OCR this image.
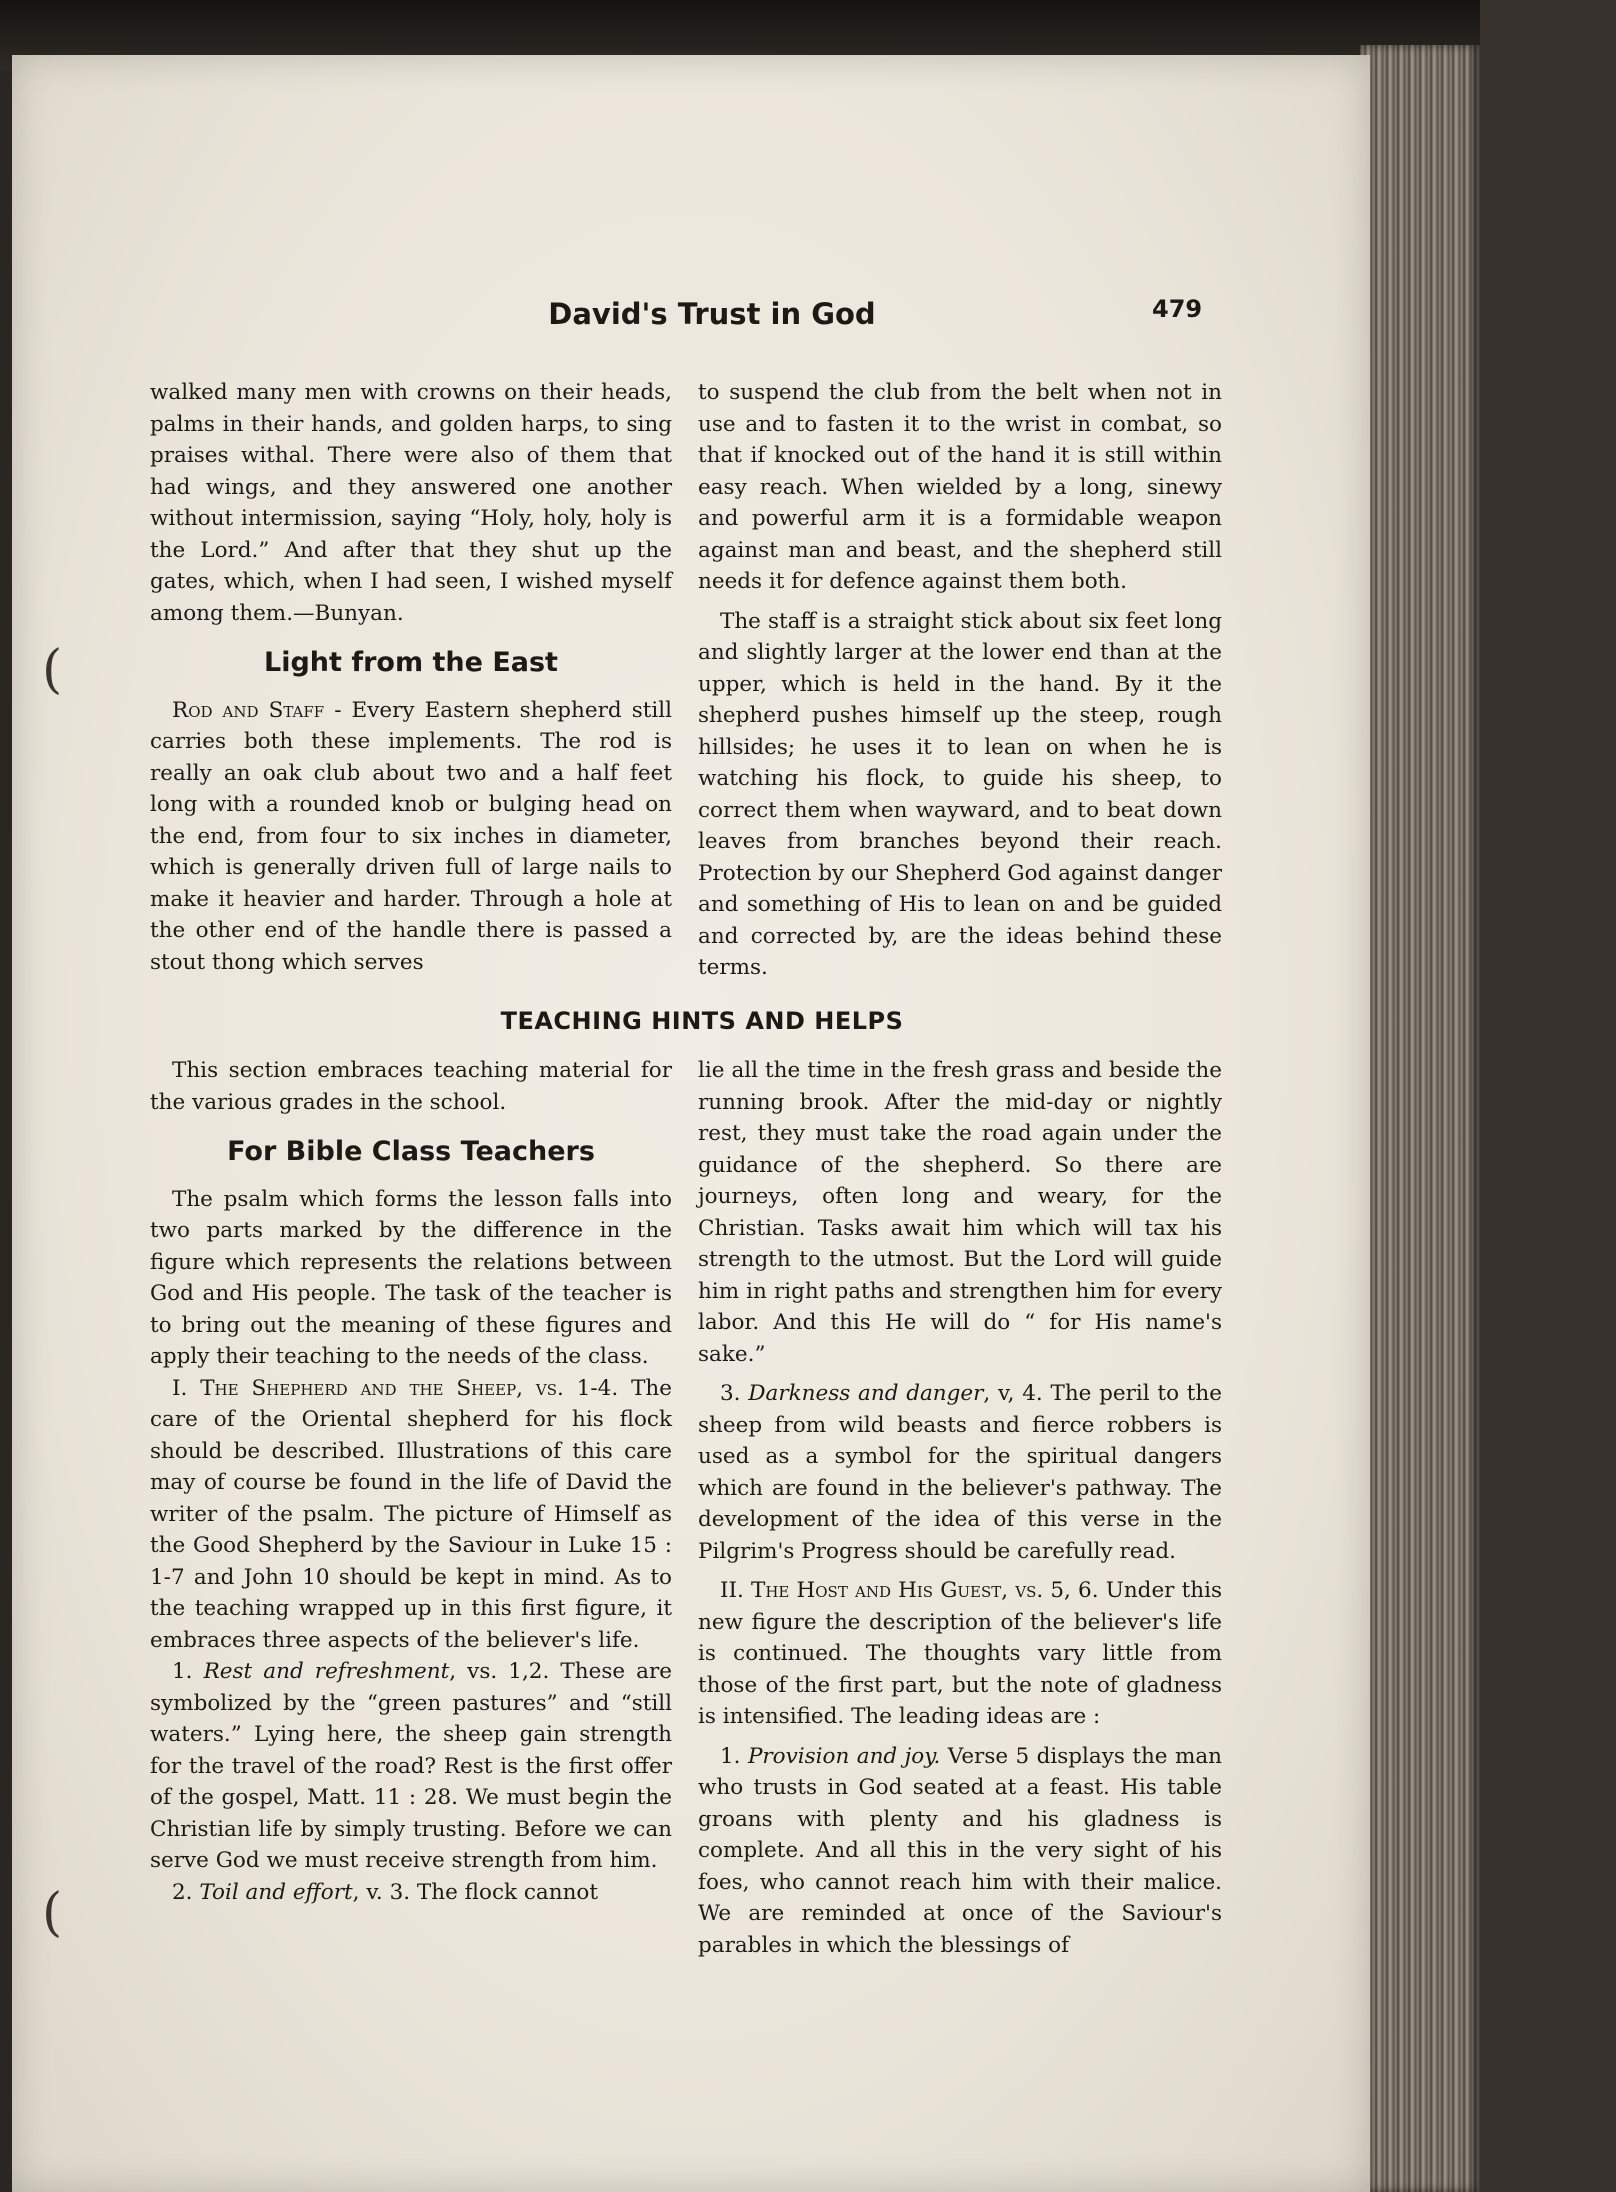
David's Trust in God	479
(
(

walked many men with crowns on their heads, palms in their hands, and golden harps, to sing praises withal. There were also of them that had wings, and they answered one another without intermission, saying “Holy, holy, holy is the Lord.” And after that they shut up the gates, which, when I had seen, I wished myself among them.—Bunyan.

Light from the East

Rod and Staff - Every Eastern shepherd still carries both these implements. The rod is really an oak club about two and a half feet long with a rounded knob or bulging head on the end, from four to six inches in diameter, which is generally driven full of large nails to make it heavier and harder. Through a hole at the other end of the handle there is passed a stout thong which serves

to suspend the club from the belt when not in use and to fasten it to the wrist in combat, so that if knocked out of the hand it is still within easy reach. When wielded by a long, sinewy and powerful arm it is a formidable weapon against man and beast, and the shepherd still needs it for defence against them both.

The staff is a straight stick about six feet long and slightly larger at the lower end than at the upper, which is held in the hand. By it the shepherd pushes himself up the steep, rough hillsides; he uses it to lean on when he is watching his flock, to guide his sheep, to correct them when wayward, and to beat down leaves from branches beyond their reach. Protection by our Shepherd God against danger and something of His to lean on and be guided and corrected by, are the ideas behind these terms.

TEACHING HINTS AND HELPS

This section embraces teaching material for the various grades in the school.

For Bible Class Teachers

The psalm which forms the lesson falls into two parts marked by the difference in the figure which represents the relations between God and His people. The task of the teacher is to bring out the meaning of these figures and apply their teaching to the needs of the class.

I. The Shepherd and the Sheep, vs. 1-4. The care of the Oriental shepherd for his flock should be described. Illustrations of this care may of course be found in the life of David the writer of the psalm. The picture of Himself as the Good Shepherd by the Saviour in Luke 15 : 1-7 and John 10 should be kept in mind. As to the teaching wrapped up in this first figure, it embraces three aspects of the believer's life.

1. Rest and refreshment, vs. 1,2. These are symbolized by the “green pastures” and “still waters.” Lying here, the sheep gain strength for the travel of the road? Rest is the first offer of the gospel, Matt. 11 : 28. We must begin the Christian life by simply trusting. Before we can serve God we must receive strength from him.

2. Toil and effort, v. 3. The flock cannot

lie all the time in the fresh grass and beside the running brook. After the mid-day or nightly rest, they must take the road again under the guidance of the shepherd. So there are journeys, often long and weary, for the Christian. Tasks await him which will tax his strength to the utmost. But the Lord will guide him in right paths and strengthen him for every labor. And this He will do “ for His name's sake.”

3. Darkness and danger, v, 4. The peril to the sheep from wild beasts and fierce robbers is used as a symbol for the spiritual dangers which are found in the believer's pathway. The development of the idea of this verse in the Pilgrim's Progress should be carefully read.

II. The Host and His Guest, vs. 5, 6. Under this new figure the description of the believer's life is continued. The thoughts vary little from those of the first part, but the note of gladness is intensified. The leading ideas are :

1. Provision and joy. Verse 5 displays the man who trusts in God seated at a feast. His table groans with plenty and his gladness is complete. And all this in the very sight of his foes, who cannot reach him with their malice. We are reminded at once of the Saviour's parables in which the blessings of
